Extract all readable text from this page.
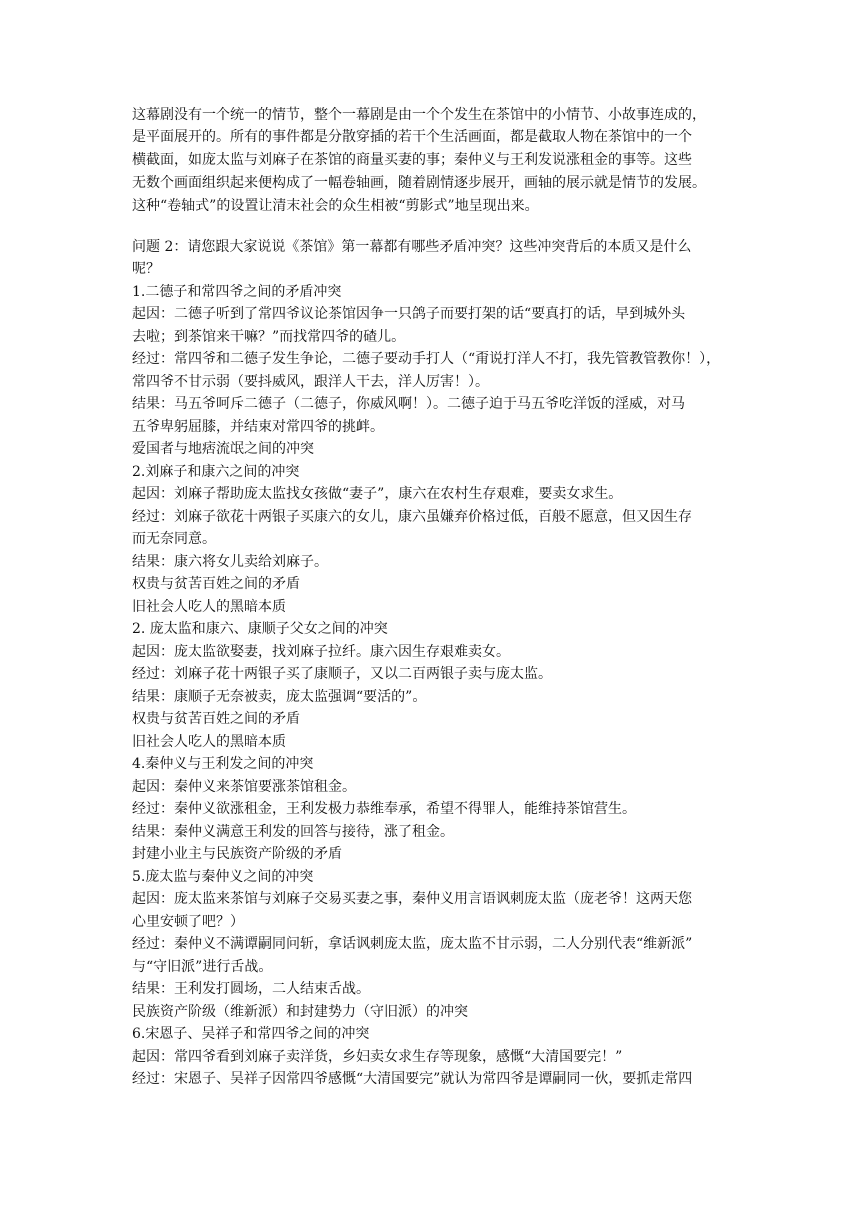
这幕剧没有一个统一的情节，整个一幕剧是由一个个发生在茶馆中的小情节、小故事连成的，
是平面展开的。所有的事件都是分散穿插的若干个生活画面，都是截取人物在茶馆中的一个
横截面，如庞太监与刘麻子在茶馆的商量买妻的事；秦仲义与王利发说涨租金的事等。这些
无数个画面组织起来便构成了一幅卷轴画，随着剧情逐步展开，画轴的展示就是情节的发展。
这种“卷轴式”的设置让清末社会的众生相被“剪影式”地呈现出来。
问题 2：请您跟大家说说《茶馆》第一幕都有哪些矛盾冲突？这些冲突背后的本质又是什么
呢？
1.二德子和常四爷之间的矛盾冲突
起因：二德子听到了常四爷议论茶馆因争一只鸽子而要打架的话“要真打的话，早到城外头
去啦；到茶馆来干嘛？”而找常四爷的碴儿。
经过：常四爷和二德子发生争论，二德子要动手打人（“甭说打洋人不打，我先管教管教你！），
常四爷不甘示弱（要抖威风，跟洋人干去，洋人厉害！）。
结果：马五爷呵斥二德子（二德子，你威风啊！）。二德子迫于马五爷吃洋饭的淫威，对马
五爷卑躬屈膝，并结束对常四爷的挑衅。
爱国者与地痞流氓之间的冲突
2.刘麻子和康六之间的冲突
起因：刘麻子帮助庞太监找女孩做“妻子”，康六在农村生存艰难，要卖女求生。
经过：刘麻子欲花十两银子买康六的女儿，康六虽嫌弃价格过低，百般不愿意，但又因生存
而无奈同意。
结果：康六将女儿卖给刘麻子。
权贵与贫苦百姓之间的矛盾
旧社会人吃人的黑暗本质
2. 庞太监和康六、康顺子父女之间的冲突
起因：庞太监欲娶妻，找刘麻子拉纤。康六因生存艰难卖女。
经过：刘麻子花十两银子买了康顺子，又以二百两银子卖与庞太监。
结果：康顺子无奈被卖，庞太监强调“要活的”。
权贵与贫苦百姓之间的矛盾
旧社会人吃人的黑暗本质
4.秦仲义与王利发之间的冲突
起因：秦仲义来茶馆要涨茶馆租金。
经过：秦仲义欲涨租金，王利发极力恭维奉承，希望不得罪人，能维持茶馆营生。
结果：秦仲义满意王利发的回答与接待，涨了租金。
封建小业主与民族资产阶级的矛盾
5.庞太监与秦仲义之间的冲突
起因：庞太监来茶馆与刘麻子交易买妻之事，秦仲义用言语讽刺庞太监（庞老爷！这两天您
心里安顿了吧？）
经过：秦仲义不满谭嗣同问斩，拿话讽刺庞太监，庞太监不甘示弱，二人分别代表“维新派”
与“守旧派”进行舌战。
结果：王利发打圆场，二人结束舌战。
民族资产阶级（维新派）和封建势力（守旧派）的冲突
6.宋恩子、吴祥子和常四爷之间的冲突
起因：常四爷看到刘麻子卖洋货，乡妇卖女求生存等现象，感慨“大清国要完！”
经过：宋恩子、吴祥子因常四爷感慨“大清国要完”就认为常四爷是谭嗣同一伙，要抓走常四
